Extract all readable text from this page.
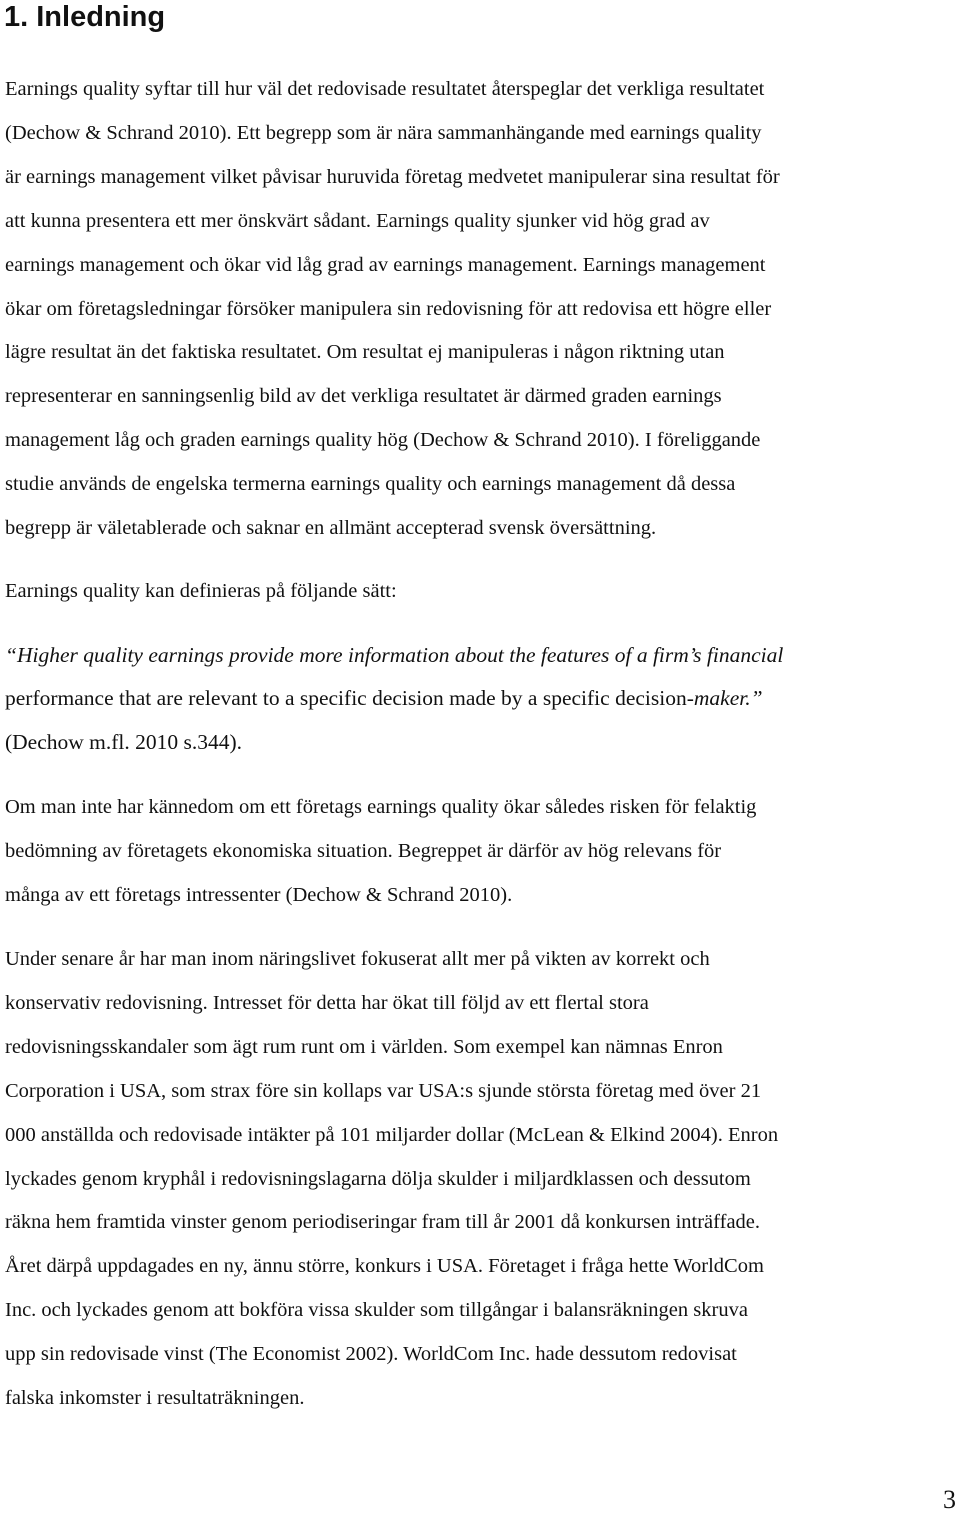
1. Inledning

Earnings quality syftar till hur väl det redovisade resultatet återspeglar det verkliga resultatet
(Dechow & Schrand 2010). Ett begrepp som är nära sammanhängande med earnings quality
är earnings management vilket påvisar huruvida företag medvetet manipulerar sina resultat för
att kunna presentera ett mer önskvärt sådant. Earnings quality sjunker vid hög grad av
earnings management och ökar vid låg grad av earnings management. Earnings management
ökar om företagsledningar försöker manipulera sin redovisning för att redovisa ett högre eller
lägre resultat än det faktiska resultatet. Om resultat ej manipuleras i någon riktning utan
representerar en sanningsenlig bild av det verkliga resultatet är därmed graden earnings
management låg och graden earnings quality hög (Dechow & Schrand 2010). I föreliggande
studie används de engelska termerna earnings quality och earnings management då dessa
begrepp är väletablerade och saknar en allmänt accepterad svensk översättning.

Earnings quality kan definieras på följande sätt:

“Higher quality earnings provide more information about the features of a firm’s financial
performance that are relevant to a specific decision made by a specific decision-maker.”
(Dechow m.fl. 2010 s.344).

Om man inte har kännedom om ett företags earnings quality ökar således risken för felaktig
bedömning av företagets ekonomiska situation. Begreppet är därför av hög relevans för
många av ett företags intressenter (Dechow & Schrand 2010).

Under senare år har man inom näringslivet fokuserat allt mer på vikten av korrekt och
konservativ redovisning. Intresset för detta har ökat till följd av ett flertal stora
redovisningsskandaler som ägt rum runt om i världen. Som exempel kan nämnas Enron
Corporation i USA, som strax före sin kollaps var USA:s sjunde största företag med över 21
000 anställda och redovisade intäkter på 101 miljarder dollar (McLean & Elkind 2004). Enron
lyckades genom kryphål i redovisningslagarna dölja skulder i miljardklassen och dessutom
räkna hem framtida vinster genom periodiseringar fram till år 2001 då konkursen inträffade.
Året därpå uppdagades en ny, ännu större, konkurs i USA. Företaget i fråga hette WorldCom
Inc. och lyckades genom att bokföra vissa skulder som tillgångar i balansräkningen skruva
upp sin redovisade vinst (The Economist 2002). WorldCom Inc. hade dessutom redovisat
falska inkomster i resultaträkningen.

3
